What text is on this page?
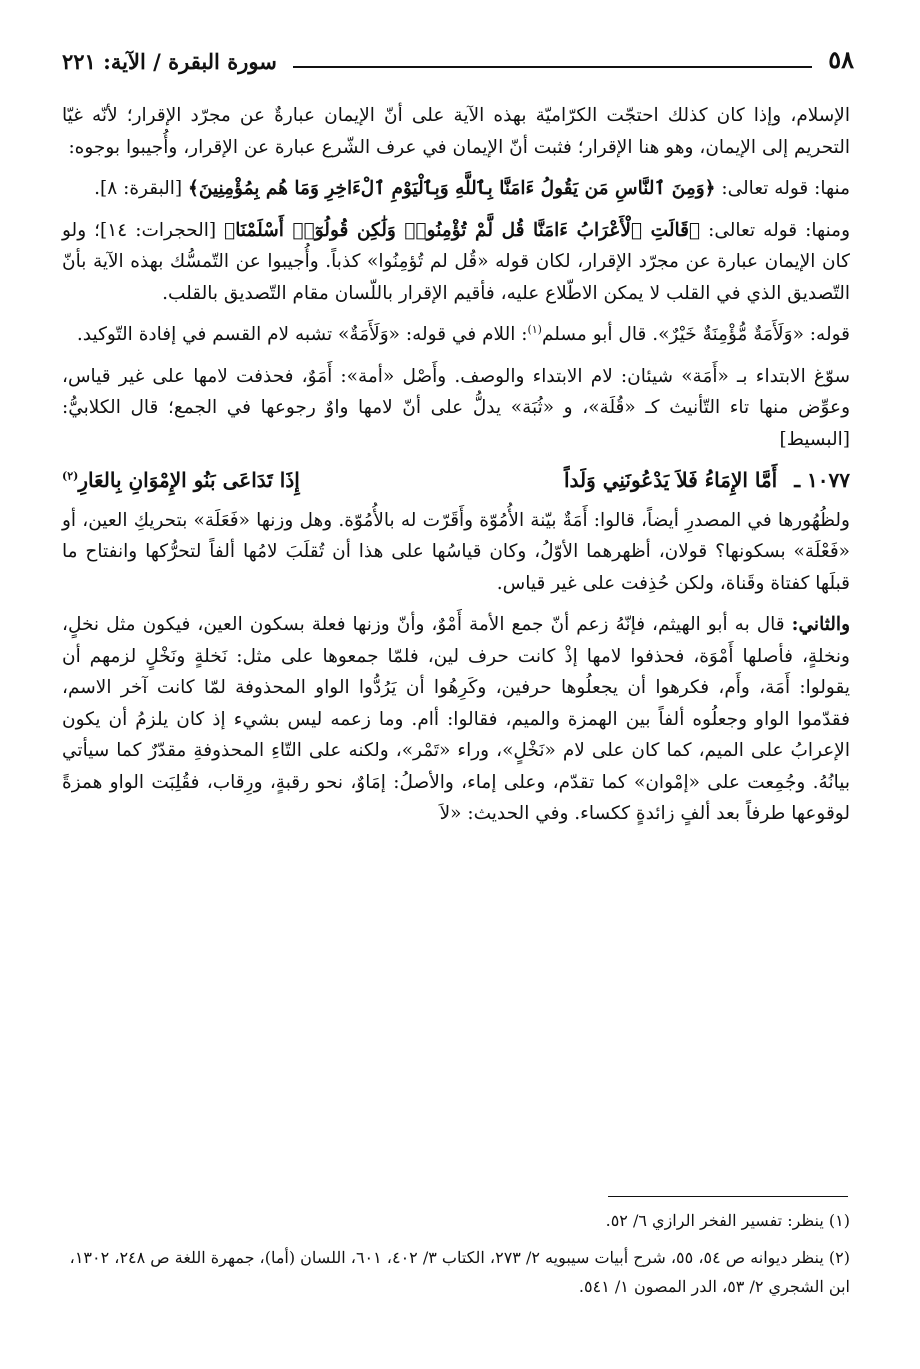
٥٨
سورة البقرة / الآية: ٢٢١

الإسلام، وإذا كان كذلك احتجّت الكرّاميّة بهذه الآية على أنّ الإيمان عبارةٌ عن مجرّد الإقرار؛ لأنّه غيّا التحريم إلى الإيمان، وهو هنا الإقرار؛ فثبت أنّ الإيمان في عرف الشّرع عبارة عن الإقرار، وأُجيبوا بوجوه:

منها: قوله تعالى: ﴿وَمِنَ ٱلنَّاسِ مَن يَقُولُ ءَامَنَّا بِٱللَّهِ وَبِٱلْيَوْمِ ٱلْءَاخِرِ وَمَا هُم بِمُؤْمِنِينَ﴾ [البقرة: ٨].

ومنها: قوله تعالى: ﴿قَالَتِ ٱلْأَعْرَابُ ءَامَنَّا قُل لَّمْ تُؤْمِنُوا۟ وَلَٰكِن قُولُوٓا۟ أَسْلَمْنَا﴾ [الحجرات: ١٤]؛ ولو كان الإيمان عبارة عن مجرّد الإقرار، لكان قوله «قُل لم تُؤمِنُوا» كذباً. وأُجيبوا عن التّمسُّك بهذه الآية بأنّ التّصديق الذي في القلب لا يمكن الاطّلاع عليه، فأقيم الإقرار باللّسان مقام التّصديق بالقلب.

قوله: «وَلَأَمَةٌ مُّؤْمِنَةٌ خَيْرٌ». قال أبو مسلم$^{(١)}$: اللام في قوله: «وَلَأَمَةٌ» تشبه لام القسم في إفادة التّوكيد.

سوّغ الابتداء بـ «أَمَة» شيئان: لام الابتداء والوصف. وأَصْل «أمة»: أَمَوٌ، فحذفت لامها على غير قياس، وعوِّض منها تاء التّأنيث كـ «قُلَة»، و «ثُبَة» يدلُّ على أنّ لامها واوٌ رجوعها في الجمع؛ قال الكلابيُّ: [البسيط]

١٠٧٧ ـ أَمَّا الإِمَاءُ فَلاَ يَدْعُونَنِي وَلَداً
إِذَا تَدَاعَى بَنُو الإِمْوَانِ بِالعَارِ$^{(٢)}$

ولظُهُورها في المصدرِ أيضاً، قالوا: أَمَةٌ بيّنة الأُمُوّة وأَقَرّت له بالأُمُوّة. وهل وزنها «فَعَلَة» بتحريكِ العين، أو «فَعْلَة» بسكونها؟ قولان، أظهرهما الأوّلُ، وكان قياسُها على هذا أن تُقلَبَ لامُها ألفاً لتحرُّكها وانفتاح ما قبلَها كفتاة وقَناة، ولكن حُذِفت على غير قياس.

والثاني: قال به أبو الهيثم، فإنّهُ زعم أنّ جمع الأمة أَمْوٌ، وأنّ وزنها فعلة بسكون العين، فيكون مثل نخلٍ، ونخلةٍ، فأصلها أَمْوَة، فحذفوا لامها إذْ كانت حرف لين، فلمّا جمعوها على مثل: نَخلةٍ ونَخْلٍ لزمهم أن يقولوا: أَمَة، وأَم، فكرهوا أن يجعلُوها حرفين، وكَرِهُوا أن يَرُدُّوا الواو المحذوفة لمّا كانت آخر الاسم، فقدّموا الواو وجعلُوه ألفاً بين الهمزة والميم، فقالوا: أام. وما زعمه ليس بشيء إذ كان يلزمُ أن يكون الإعرابُ على الميم، كما كان على لام «نَخْلٍ»، وراء «تَمْر»، ولكنه على التّاءِ المحذوفةِ مقدّرٌ كما سيأتي بيانُهُ. وجُمِعت على «إمْوان» كما تقدّم، وعلى إماء، والأصلُ: إمَاوٌ، نحو رقبةٍ، ورِقاب، فقُلِبَت الواو همزةً لوقوعها طرفاً بعد ألفٍ زائدةٍ ككساء. وفي الحديث: «لاَ

(١) ينظر: تفسير الفخر الرازي ٦/ ٥٢.

(٢) ينظر ديوانه ص ٥٤، ٥٥، شرح أبيات سيبويه ٢/ ٢٧٣، الكتاب ٣/ ٤٠٢، ٦٠١، اللسان (أما)، جمهرة اللغة ص ٢٤٨، ١٣٠٢، ابن الشجري ٢/ ٥٣، الدر المصون ١/ ٥٤١.
